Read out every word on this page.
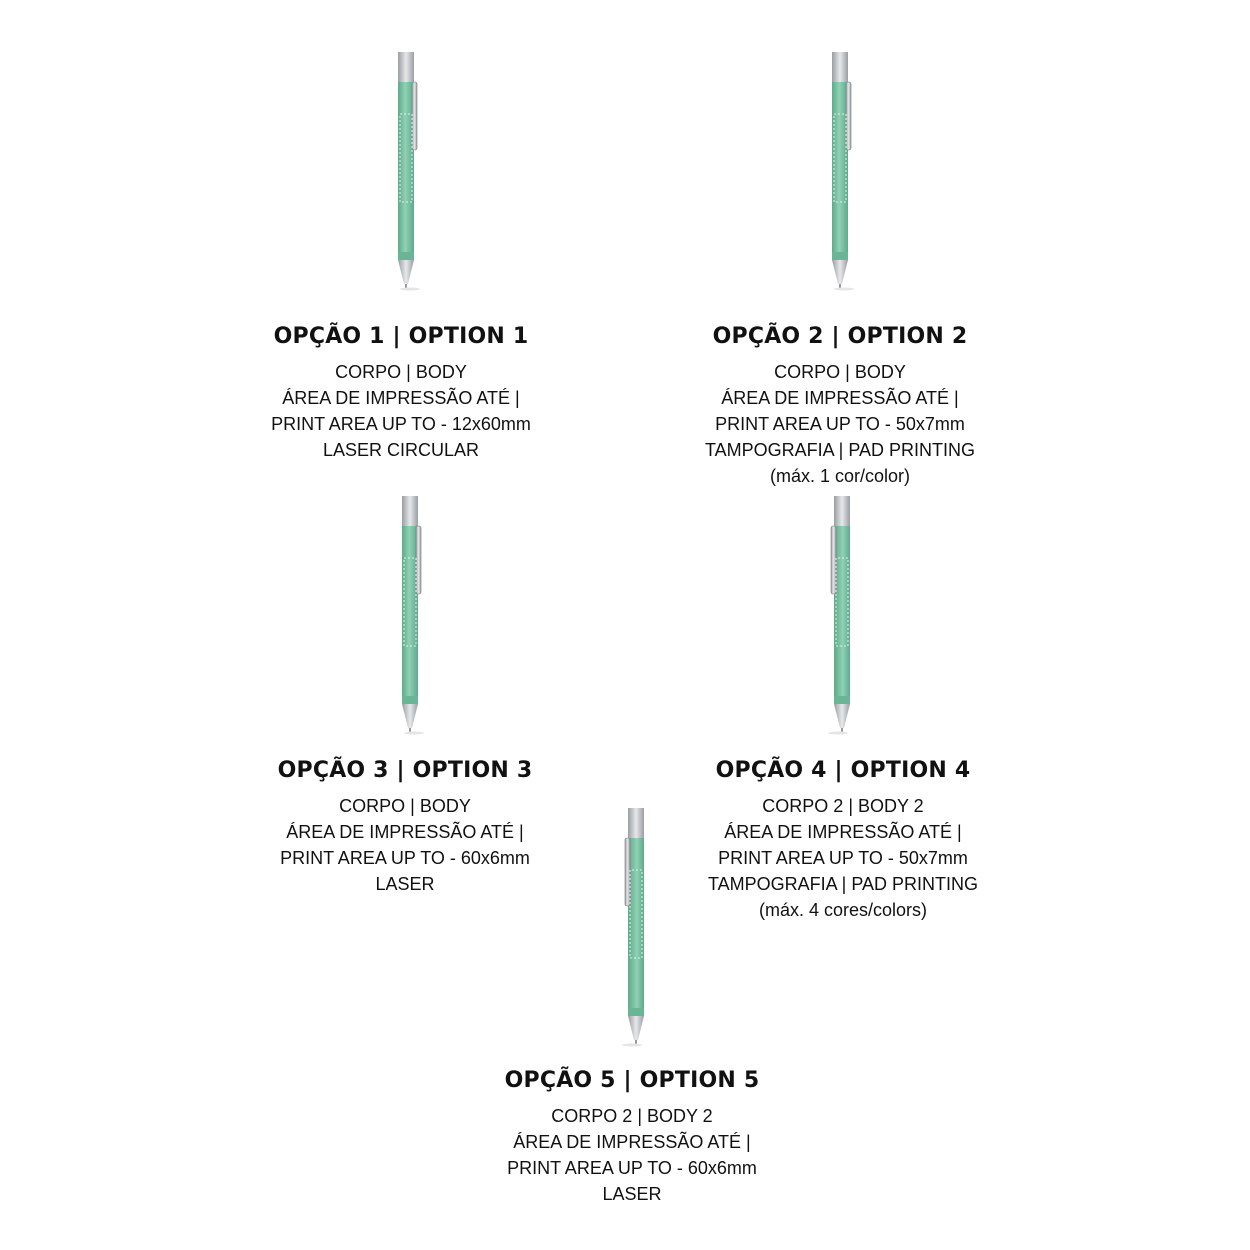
OPÇÃO 1 | OPTION 1

CORPO | BODY

ÁREA DE IMPRESSÃO ATÉ |

PRINT AREA UP TO - 12x60mm

LASER CIRCULAR

OPÇÃO 2 | OPTION 2

CORPO | BODY

ÁREA DE IMPRESSÃO ATÉ |

PRINT AREA UP TO - 50x7mm

TAMPOGRAFIA | PAD PRINTING

(máx. 1 cor/color)

OPÇÃO 3 | OPTION 3

CORPO | BODY

ÁREA DE IMPRESSÃO ATÉ |

PRINT AREA UP TO - 60x6mm

LASER

OPÇÃO 4 | OPTION 4

CORPO 2 | BODY 2

ÁREA DE IMPRESSÃO ATÉ |

PRINT AREA UP TO - 50x7mm

TAMPOGRAFIA | PAD PRINTING

(máx. 4 cores/colors)

OPÇÃO 5 | OPTION 5

CORPO 2 | BODY 2

ÁREA DE IMPRESSÃO ATÉ |

PRINT AREA UP TO - 60x6mm

LASER
